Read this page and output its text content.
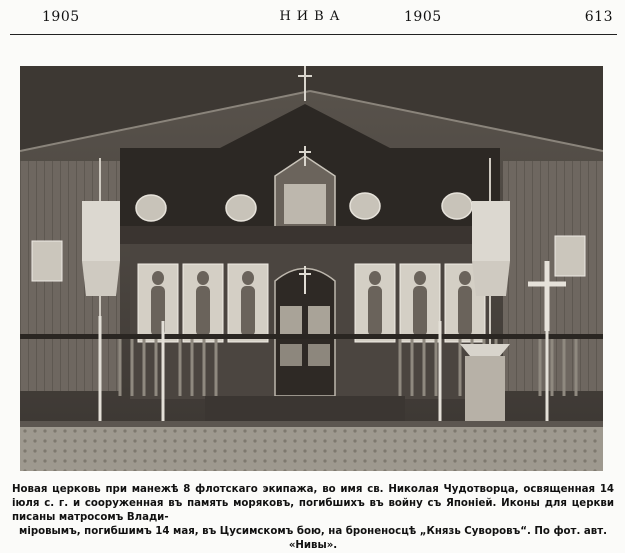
1905	НИВА	1905	613
Новая церковь при манежѣ 8 флотскаго экипажа, во имя св. Николая Чудотворца, освященная 14 іюля с. г. и сооруженная въ память моряковъ, погибшихъ въ войну съ Японіей. Иконы для церкви писаны матросомъ Влади-
міровымъ, погибшимъ 14 мая, въ Цусимскомъ бою, на броненосцѣ „Князь Суворовъ“. По фот. авт. «Нивы».
